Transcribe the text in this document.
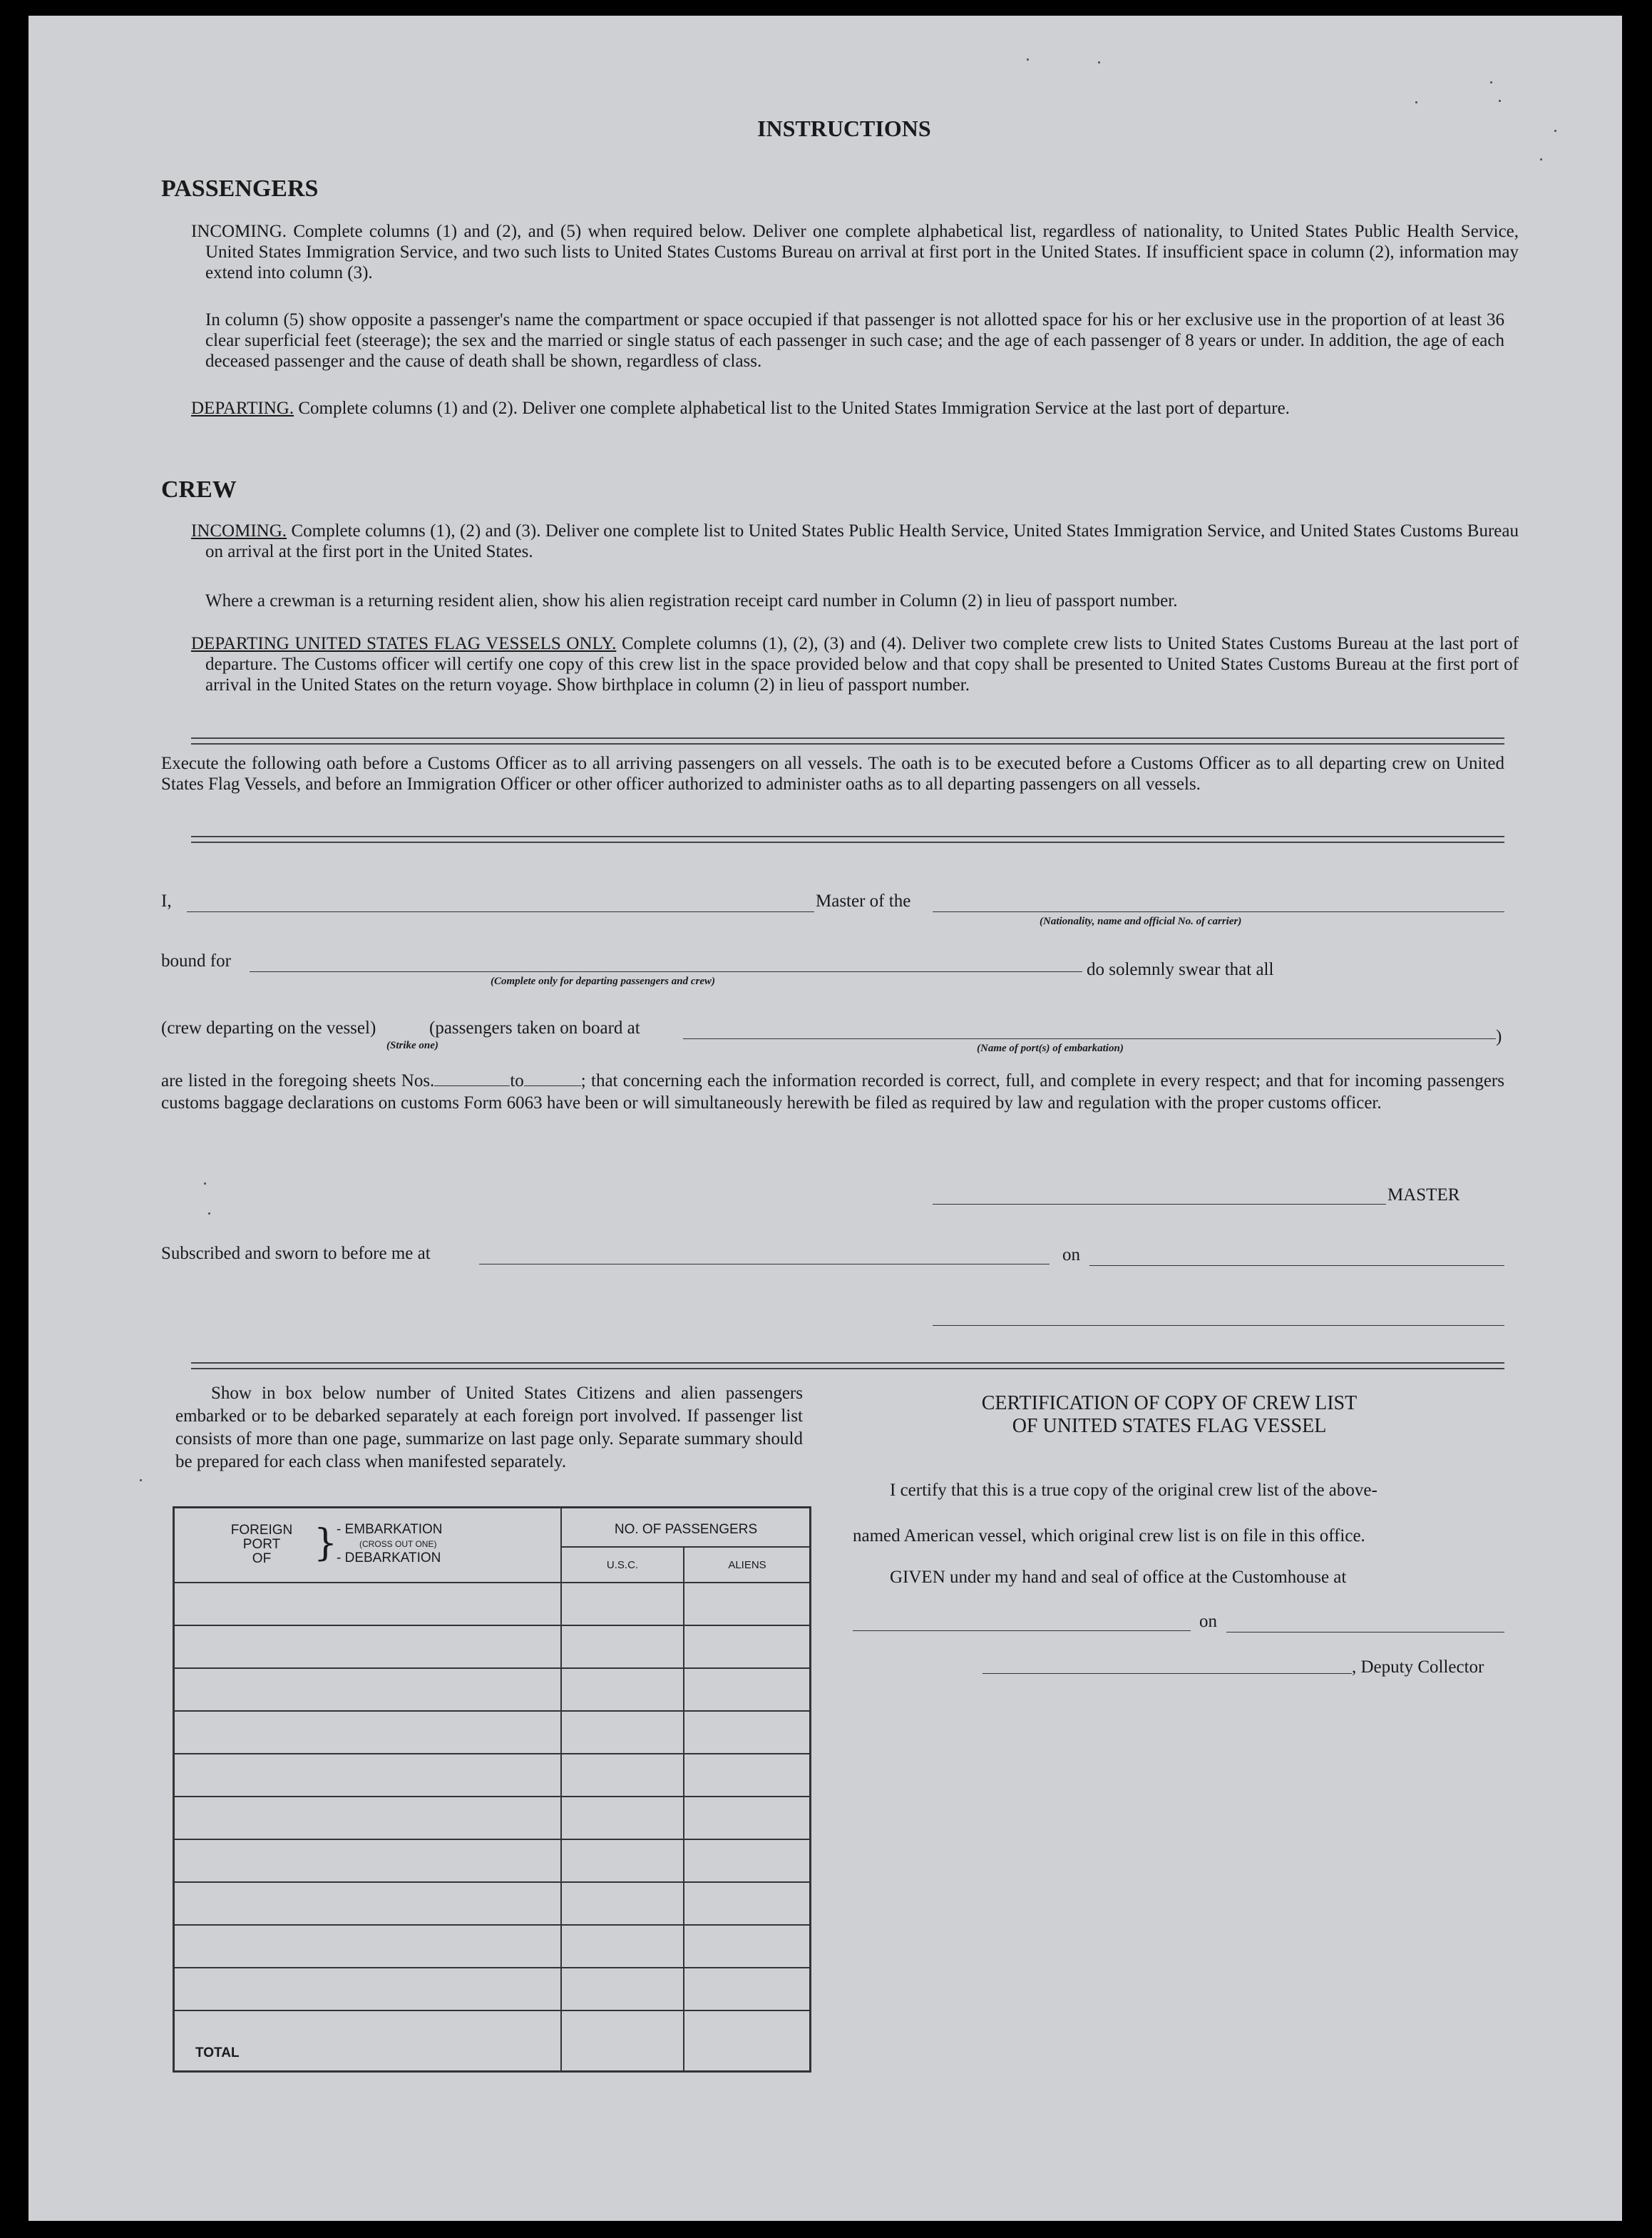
INSTRUCTIONS
PASSENGERS
INCOMING. Complete columns (1) and (2), and (5) when required below. Deliver one complete alphabetical list, regardless of nationality, to United States Public Health Service, United States Immigration Service, and two such lists to United States Customs Bureau on arrival at first port in the United States. If insufficient space in column (2), information may extend into column (3).
In column (5) show opposite a passenger's name the compartment or space occupied if that passenger is not allotted space for his or her exclusive use in the proportion of at least 36 clear superficial feet (steerage); the sex and the married or single status of each passenger in such case; and the age of each passenger of 8 years or under. In addition, the age of each deceased passenger and the cause of death shall be shown, regardless of class.
DEPARTING. Complete columns (1) and (2). Deliver one complete alphabetical list to the United States Immigration Service at the last port of departure.
CREW
INCOMING. Complete columns (1), (2) and (3). Deliver one complete list to United States Public Health Service, United States Immigration Service, and United States Customs Bureau on arrival at the first port in the United States.
Where a crewman is a returning resident alien, show his alien registration receipt card number in Column (2) in lieu of passport number.
DEPARTING UNITED STATES FLAG VESSELS ONLY. Complete columns (1), (2), (3) and (4). Deliver two complete crew lists to United States Customs Bureau at the last port of departure. The Customs officer will certify one copy of this crew list in the space provided below and that copy shall be presented to United States Customs Bureau at the first port of arrival in the United States on the return voyage. Show birthplace in column (2) in lieu of passport number.
Execute the following oath before a Customs Officer as to all arriving passengers on all vessels. The oath is to be executed before a Customs Officer as to all departing crew on United States Flag Vessels, and before an Immigration Officer or other officer authorized to administer oaths as to all departing passengers on all vessels.
I,	Master of the
(Nationality, name and official No. of carrier)
bound for
(Complete only for departing passengers and crew)
do solemnly swear that all
(crew departing on the vessel)
(Strike one)
(passengers taken on board at
(Name of port(s) of embarkation)
)
are listed in the foregoing sheets Nos.	to	; that concerning each the information recorded is correct, full, and complete in every respect; and that for incoming passengers customs baggage declarations on customs Form 6063 have been or will simultaneously herewith be filed as required by law and regulation with the proper customs officer.
MASTER
Subscribed and sworn to before me at	on
Show in box below number of United States Citizens and alien passengers embarked or to be debarked separately at each foreign port involved. If passenger list consists of more than one page, summarize on last page only. Separate summary should be prepared for each class when manifested separately.
FOREIGN
PORT
OF	}
- EMBARKATION
(CROSS OUT ONE)
- DEBARKATION
NO. OF PASSENGERS
U.S.C.	ALIENS
TOTAL
CERTIFICATION OF COPY OF CREW LIST
OF UNITED STATES FLAG VESSEL
I certify that this is a true copy of the original crew list of the above-
named American vessel, which original crew list is on file in this office.
GIVEN under my hand and seal of office at the Customhouse at
on
, Deputy Collector
